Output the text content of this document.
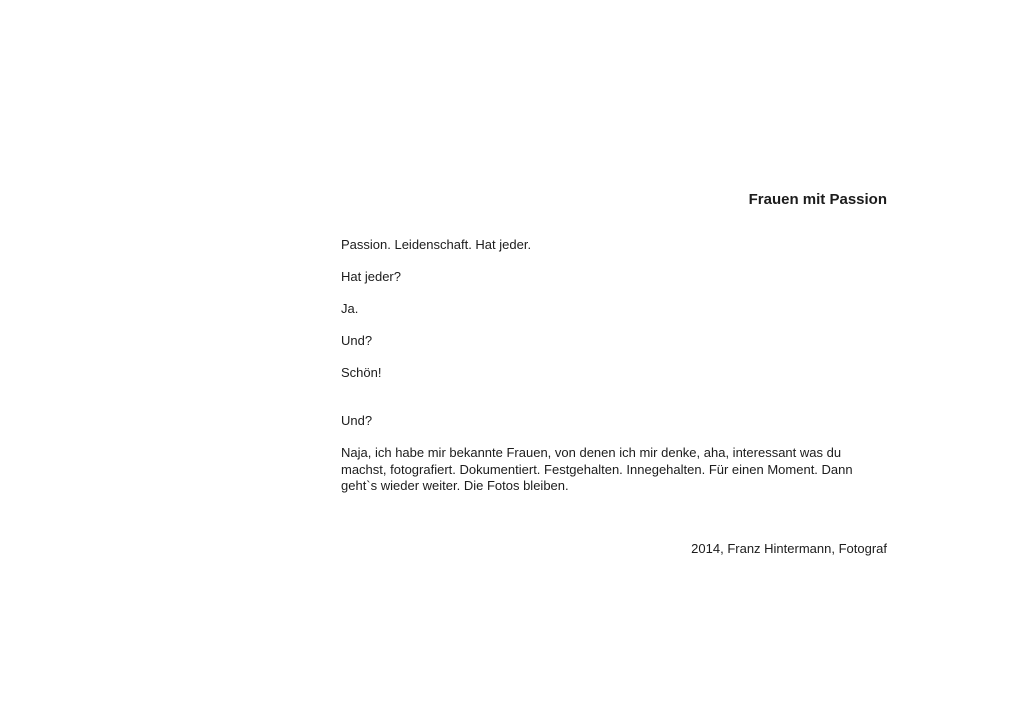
Frauen mit Passion
Passion. Leidenschaft. Hat jeder.
Hat jeder?
Ja.
Und?
Schön!
Und?
Naja, ich habe mir bekannte Frauen, von denen ich mir denke, aha, interessant was du
machst, fotografiert. Dokumentiert. Festgehalten. Innegehalten. Für einen Moment. Dann
geht`s wieder weiter. Die Fotos bleiben.
2014, Franz Hintermann, Fotograf
